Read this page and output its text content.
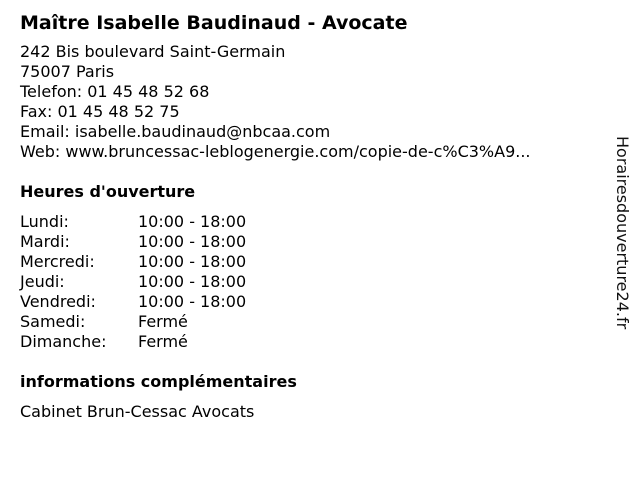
Maître Isabelle Baudinaud - Avocate
242 Bis boulevard Saint-Germain
75007 Paris
Telefon: 01 45 48 52 68
Fax: 01 45 48 52 75
Email: isabelle.baudinaud@nbcaa.com
Web: www.bruncessac-leblogenergie.com/copie-de-c%C3%A9...
Heures d'ouverture
Lundi:	10:00 - 18:00
Mardi:	10:00 - 18:00
Mercredi:	10:00 - 18:00
Jeudi:	10:00 - 18:00
Vendredi:	10:00 - 18:00
Samedi:	Fermé
Dimanche:	Fermé
informations complémentaires
Cabinet Brun-Cessac Avocats
Horairesdouverture24.fr
